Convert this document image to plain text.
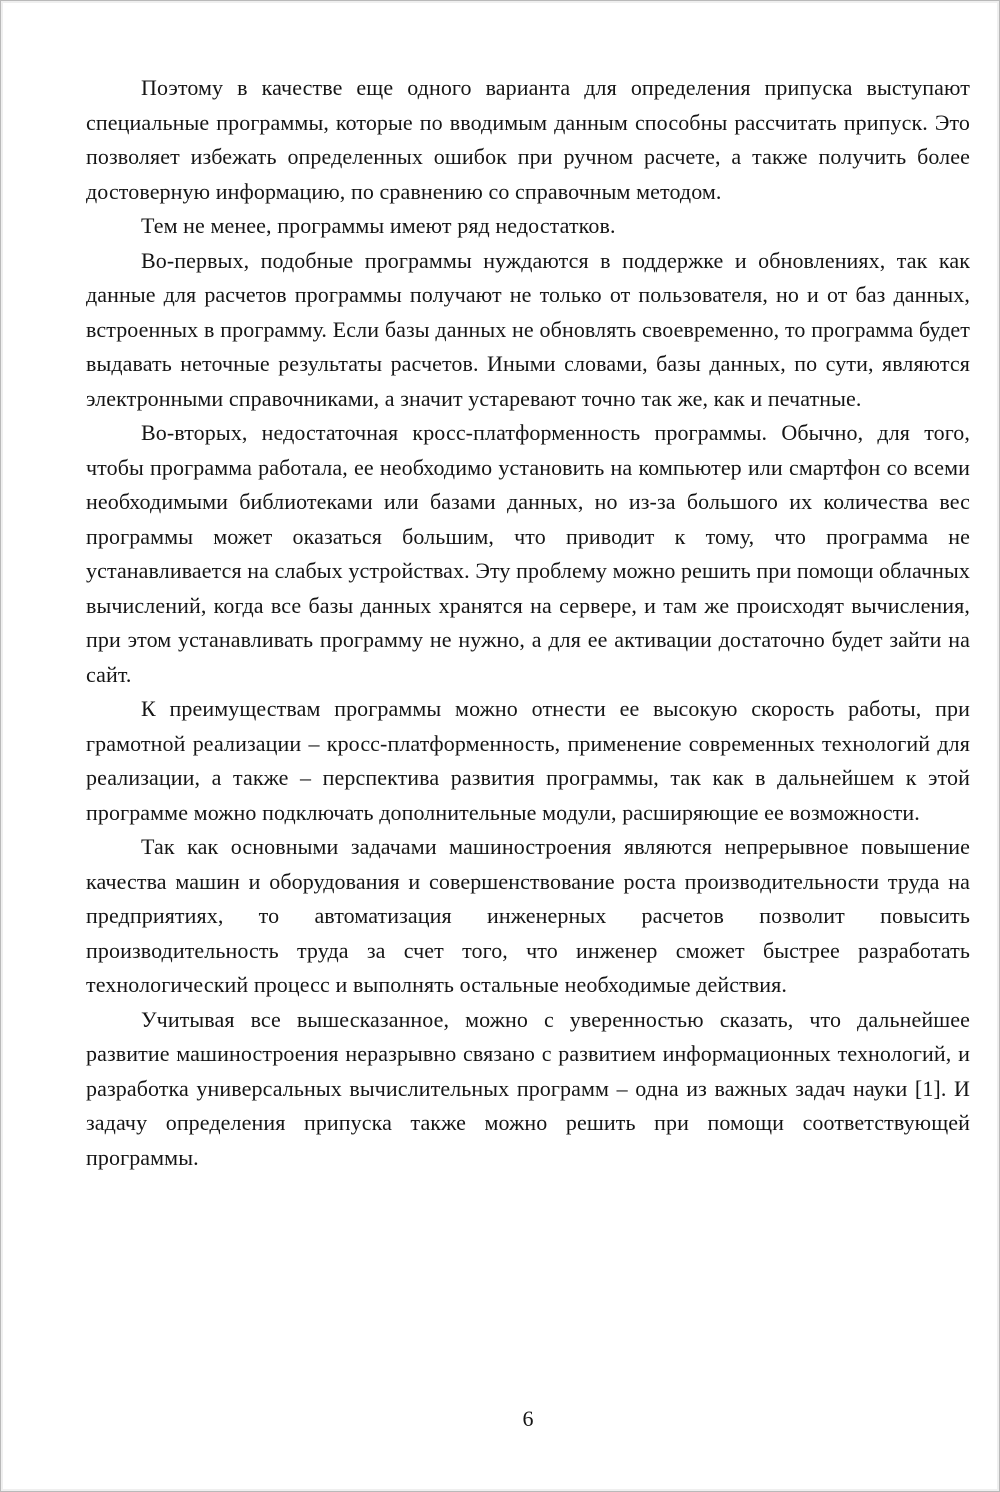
Поэтому в качестве еще одного варианта для определения припуска выступают специальные программы, которые по вводимым данным способны рассчитать припуск. Это позволяет избежать определенных ошибок при ручном расчете, а также получить более достоверную информацию, по сравнению со справочным методом.

Тем не менее, программы имеют ряд недостатков.

Во-первых, подобные программы нуждаются в поддержке и обновлениях, так как данные для расчетов программы получают не только от пользователя, но и от баз данных, встроенных в программу. Если базы данных не обновлять своевременно, то программа будет выдавать неточные результаты расчетов. Иными словами, базы данных, по сути, являются электронными справочниками, а значит устаревают точно так же, как и печатные.

Во-вторых, недостаточная кросс-платформенность программы. Обычно, для того, чтобы программа работала, ее необходимо установить на компьютер или смартфон со всеми необходимыми библиотеками или базами данных, но из-за большого их количества вес программы может оказаться большим, что приводит к тому, что программа не устанавливается на слабых устройствах. Эту проблему можно решить при помощи облачных вычислений, когда все базы данных хранятся на сервере, и там же происходят вычисления, при этом устанавливать программу не нужно, а для ее активации достаточно будет зайти на сайт.

К преимуществам программы можно отнести ее высокую скорость работы, при грамотной реализации – кросс-платформенность, применение современных технологий для реализации, а также – перспектива развития программы, так как в дальнейшем к этой программе можно подключать дополнительные модули, расширяющие ее возможности.

Так как основными задачами машиностроения являются непрерывное повышение качества машин и оборудования и совершенствование роста производительности труда на предприятиях, то автоматизация инженерных расчетов позволит повысить производительность труда за счет того, что инженер сможет быстрее разработать технологический процесс и выполнять остальные необходимые действия.

Учитывая все вышесказанное, можно с уверенностью сказать, что дальнейшее развитие машиностроения неразрывно связано с развитием информационных технологий, и разработка универсальных вычислительных программ – одна из важных задач науки [1]. И задачу определения припуска также можно решить при помощи соответствующей программы.

6
